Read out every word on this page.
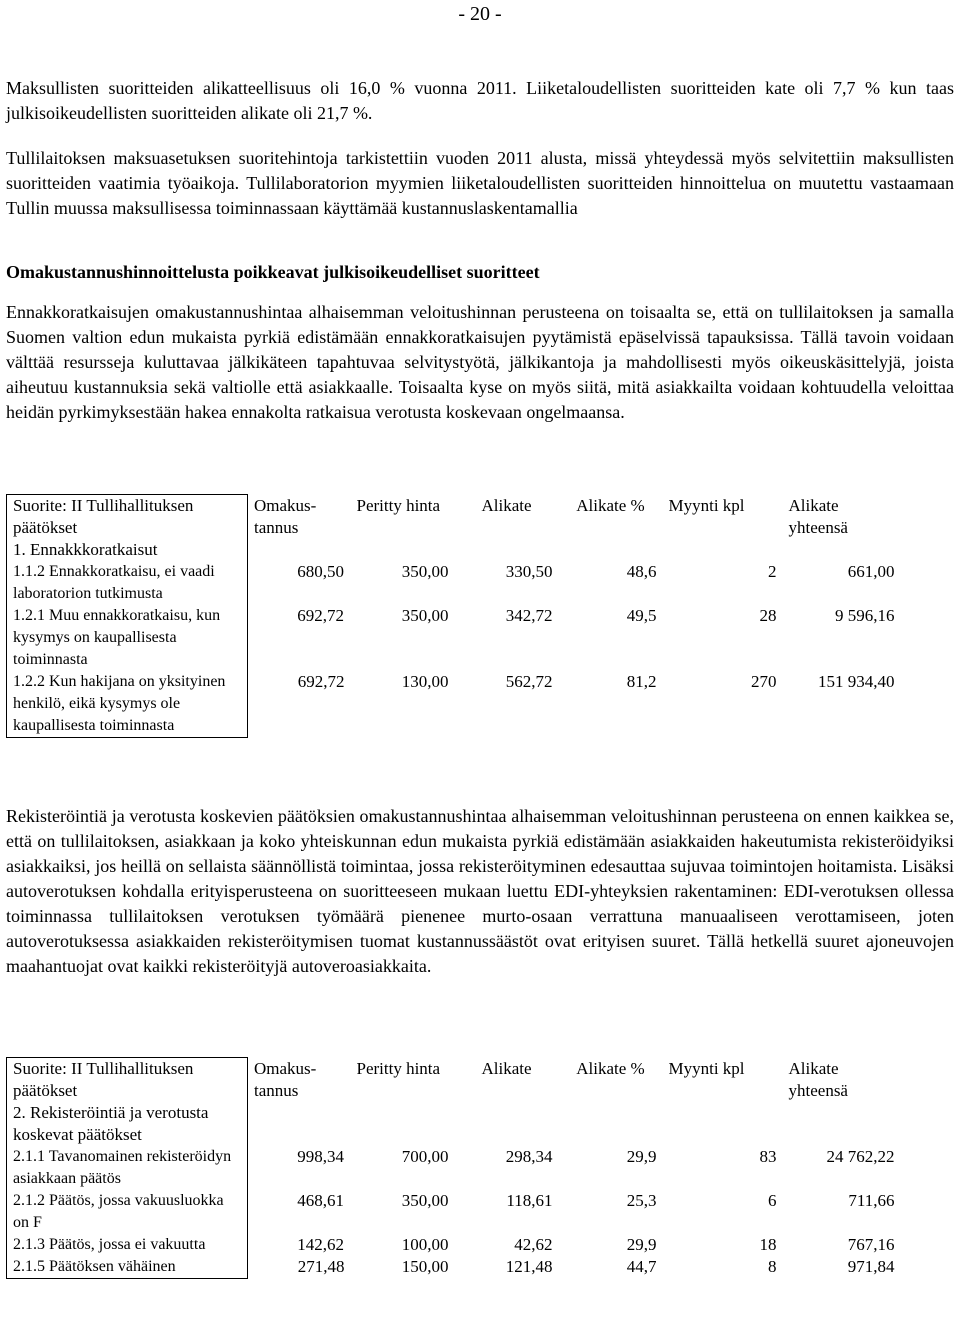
- 20 -

Maksullisten suoritteiden alikatteellisuus oli 16,0 % vuonna 2011. Liiketaloudellisten suoritteiden kate oli 7,7 % kun taas julkisoikeudellisten suoritteiden alikate oli 21,7 %.

Tullilaitoksen maksuasetuksen suoritehintoja tarkistettiin vuoden 2011 alusta, missä yhteydessä myös selvitettiin maksullisten suoritteiden vaatimia työaikoja. Tullilaboratorion myymien liiketaloudellisten suoritteiden hinnoittelua on muutettu vastaamaan Tullin muussa maksullisessa toiminnassaan käyttämää kustannuslaskentamallia

Omakustannushinnoittelusta poikkeavat julkisoikeudelliset suoritteet

Ennakkoratkaisujen omakustannushintaa alhaisemman veloitushinnan perusteena on toisaalta se, että on tullilaitoksen ja samalla Suomen valtion edun mukaista pyrkiä edistämään ennakkoratkaisujen pyytämistä epäselvissä tapauksissa. Tällä tavoin voidaan välttää resursseja kuluttavaa jälkikäteen tapahtuvaa selvitystyötä, jälkikantoja ja mahdollisesti myös oikeuskäsittelyjä, joista aiheutuu kustannuksia sekä valtiolle että asiakkaalle. Toisaalta kyse on myös siitä, mitä asiakkailta voidaan kohtuudella veloittaa heidän pyrkimyksestään hakea ennakolta ratkaisua verotusta koskevaan ongelmaansa.

Suorite: II Tullihallituksen päätökset
1. Ennakkkoratkaisut	Omakus-tannus	Peritty hinta	Alikate	Alikate %	Myynti kpl	Alikate yhteensä
1.1.2 Ennakkoratkaisu, ei vaadi laboratorion tutkimusta	680,50	350,00	330,50	48,6	2	661,00
1.2.1 Muu ennakkoratkaisu, kun kysymys on kaupallisesta toiminnasta	692,72	350,00	342,72	49,5	28	9 596,16
1.2.2 Kun hakijana on yksityinen henkilö, eikä kysymys ole kaupallisesta toiminnasta	692,72	130,00	562,72	81,2	270	151 934,40

Rekisteröintiä ja verotusta koskevien päätöksien omakustannushintaa alhaisemman veloitushinnan perusteena on ennen kaikkea se, että on tullilaitoksen, asiakkaan ja koko yhteiskunnan edun mukaista pyrkiä edistämään asiakkaiden hakeutumista rekisteröidyiksi asiakkaiksi, jos heillä on sellaista säännöllistä toimintaa, jossa rekisteröityminen edesauttaa sujuvaa toimintojen hoitamista. Lisäksi autoverotuksen kohdalla erityisperusteena on suoritteeseen mukaan luettu EDI-yhteyksien rakentaminen: EDI-verotuksen ollessa toiminnassa tullilaitoksen verotuksen työmäärä pienenee murto-osaan verrattuna manuaaliseen verottamiseen, joten autoverotuksessa asiakkaiden rekisteröitymisen tuomat kustannussäästöt ovat erityisen suuret. Tällä hetkellä suuret ajoneuvojen maahantuojat ovat kaikki rekisteröityjä autoveroasiakkaita.

Suorite: II Tullihallituksen päätökset
2. Rekisteröintiä ja verotusta koskevat päätökset	Omakus-tannus	Peritty hinta	Alikate	Alikate %	Myynti kpl	Alikate yhteensä
2.1.1 Tavanomainen rekisteröidyn asiakkaan päätös	998,34	700,00	298,34	29,9	83	24 762,22
2.1.2 Päätös, jossa vakuusluokka on F	468,61	350,00	118,61	25,3	6	711,66
2.1.3 Päätös, jossa ei vakuutta	142,62	100,00	42,62	29,9	18	767,16
2.1.5 Päätöksen vähäinen	271,48	150,00	121,48	44,7	8	971,84
